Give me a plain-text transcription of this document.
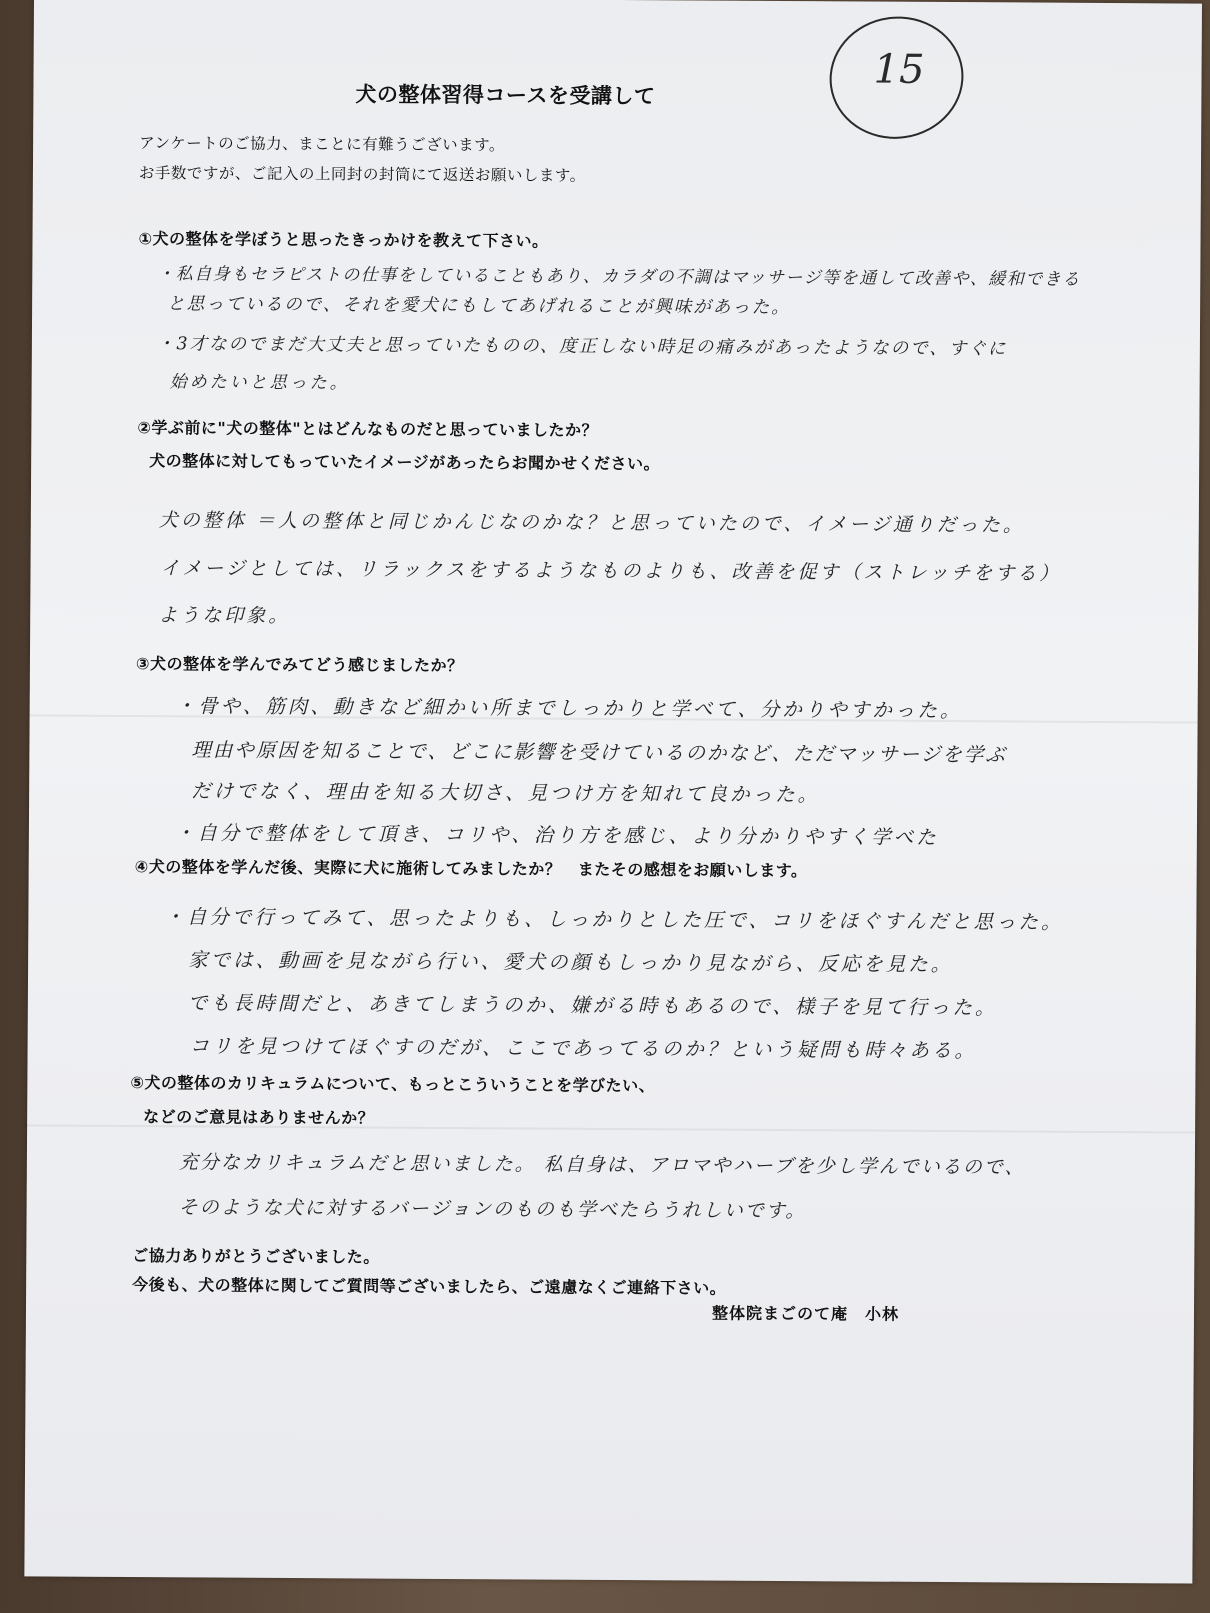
15
犬の整体習得コースを受講して
アンケートのご協力、まことに有難うございます。
お手数ですが、ご記入の上同封の封筒にて返送お願いします。
①犬の整体を学ぼうと思ったきっかけを教えて下さい。
・私自身もセラピストの仕事をしていることもあり、カラダの不調はマッサージ等を通して改善や、緩和できる
と思っているので、それを愛犬にもしてあげれることが興味があった。
・3才なのでまだ大丈夫と思っていたものの、度正しない時足の痛みがあったようなので、すぐに
始めたいと思った。
②学ぶ前に"犬の整体"とはどんなものだと思っていましたか？
犬の整体に対してもっていたイメージがあったらお聞かせください。
犬の整体 ＝人の整体と同じかんじなのかな？と思っていたので、イメージ通りだった。
イメージとしては、リラックスをするようなものよりも、改善を促す（ストレッチをする）
ような印象。
③犬の整体を学んでみてどう感じましたか？
・骨や、筋肉、動きなど細かい所までしっかりと学べて、分かりやすかった。
理由や原因を知ることで、どこに影響を受けているのかなど、ただマッサージを学ぶ
だけでなく、理由を知る大切さ、見つけ方を知れて良かった。
・自分で整体をして頂き、コリや、治り方を感じ、より分かりやすく学べた
④犬の整体を学んだ後、実際に犬に施術してみましたか？　またその感想をお願いします。
・自分で行ってみて、思ったよりも、しっかりとした圧で、コリをほぐすんだと思った。
家では、動画を見ながら行い、愛犬の顔もしっかり見ながら、反応を見た。
でも長時間だと、あきてしまうのか、嫌がる時もあるので、様子を見て行った。
コリを見つけてほぐすのだが、ここであってるのか？という疑問も時々ある。
⑤犬の整体のカリキュラムについて、もっとこういうことを学びたい、
などのご意見はありませんか？
充分なカリキュラムだと思いました。 私自身は、アロマやハーブを少し学んでいるので、
そのような犬に対するバージョンのものも学べたらうれしいです。
ご協力ありがとうございました。
今後も、犬の整体に関してご質問等ございましたら、ご遠慮なくご連絡下さい。
整体院まごのて庵　小林
